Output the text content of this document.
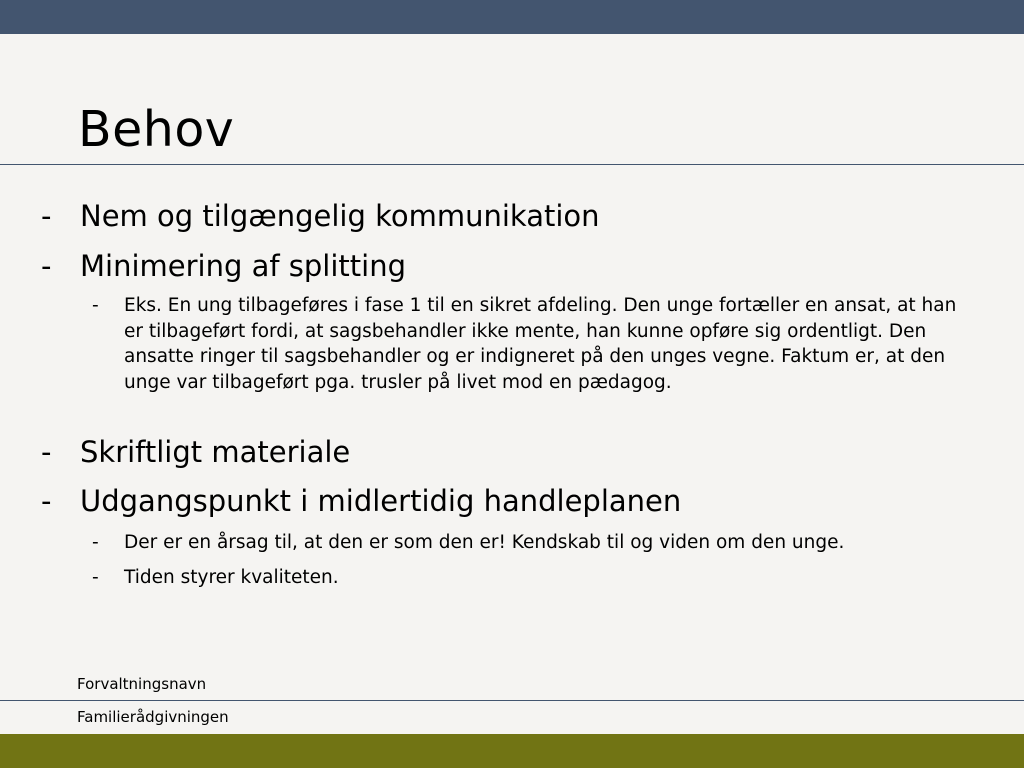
Behov
- Nem og tilgængelig kommunikation
- Minimering af splitting
- Eks. En ung tilbageføres i fase 1 til en sikret afdeling. Den unge fortæller en ansat, at han er tilbageført fordi, at sagsbehandler ikke mente, han kunne opføre sig ordentligt. Den ansatte ringer til sagsbehandler og er indigneret på den unges vegne. Faktum er, at den unge var tilbageført pga. trusler på livet mod en pædagog.
- Skriftligt materiale
- Udgangspunkt i midlertidig handleplanen
- Der er en årsag til, at den er som den er! Kendskab til og viden om den unge.
- Tiden styrer kvaliteten.
Forvaltningsnavn
Familierådgivningen
